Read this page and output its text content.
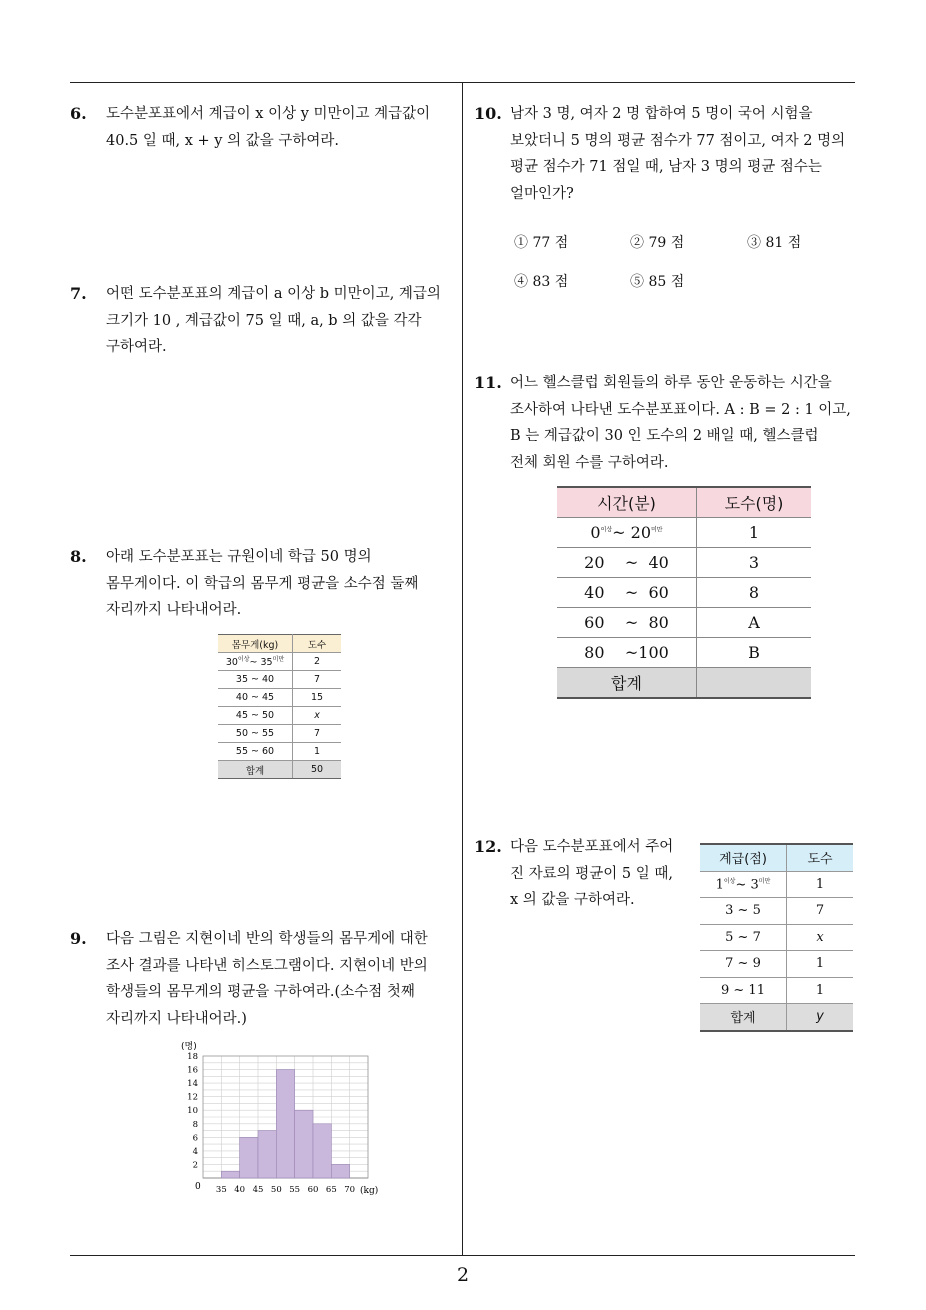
2
6. 도수분포표에서 계급이 x 이상 y 미만이고 계급값이
40.5 일 때, x + y 의 값을 구하여라.
7. 어떤 도수분포표의 계급이 a 이상 b 미만이고, 계급의
크기가 10 , 계급값이 75 일 때, a, b 의 값을 각각
구하여라.
8. 아래 도수분포표는 규원이네 학급 50 명의
몸무게이다. 이 학급의 몸무게 평균을 소수점 둘째
자리까지 나타내어라.
몸무게(kg)	도수
$30^{이상}\sim$ $35^{미만}$	2
35 ~ 40	7
40 ~ 45	15
45 ~ 50	x
50 ~ 55	7
55 ~ 60	1
합계	50
9. 다음 그림은 지현이네 반의 학생들의 몸무게에 대한
조사 결과를 나타낸 히스토그램이다. 지현이네 반의
학생들의 몸무게의 평균을 구하여라.(소수점 첫째
자리까지 나타내어라.)
(명)
2
4
6
8
10
12
14
16
18
35 40 45 50 55 60 65 70
0	(kg)
10. 남자 3 명, 여자 2 명 합하여 5 명이 국어 시험을
보았더니 5 명의 평균 점수가 77 점이고, 여자 2 명의
평균 점수가 71 점일 때, 남자 3 명의 평균 점수는
얼마인가?
① 77 점	② 79 점	③ 81 점
④ 83 점	⑤ 85 점
11. 어느 헬스클럽 회원들의 하루 동안 운동하는 시간을
조사하여 나타낸 도수분포표이다. A : B = 2 : 1 이고,
B 는 계급값이 30 인 도수의 2 배일 때, 헬스클럽
전체 회원 수를 구하여라.
시간(분)	도수(명)
$0^{이상}\sim$ $20^{미만}$	1
20    ~  40	3
40    ~  60	8
60    ~  80	A
80    ~100	B
합계	
12. 다음 도수분포표에서 주어
진 자료의 평균이 5 일 때,
x 의 값을 구하여라.
계급(점)	도수
$1^{이상}\sim$ $3^{미만}$	1
3 ~ 5	7
5 ~ 7	x
7 ~ 9	1
9 ~ 11	1
합계	y
